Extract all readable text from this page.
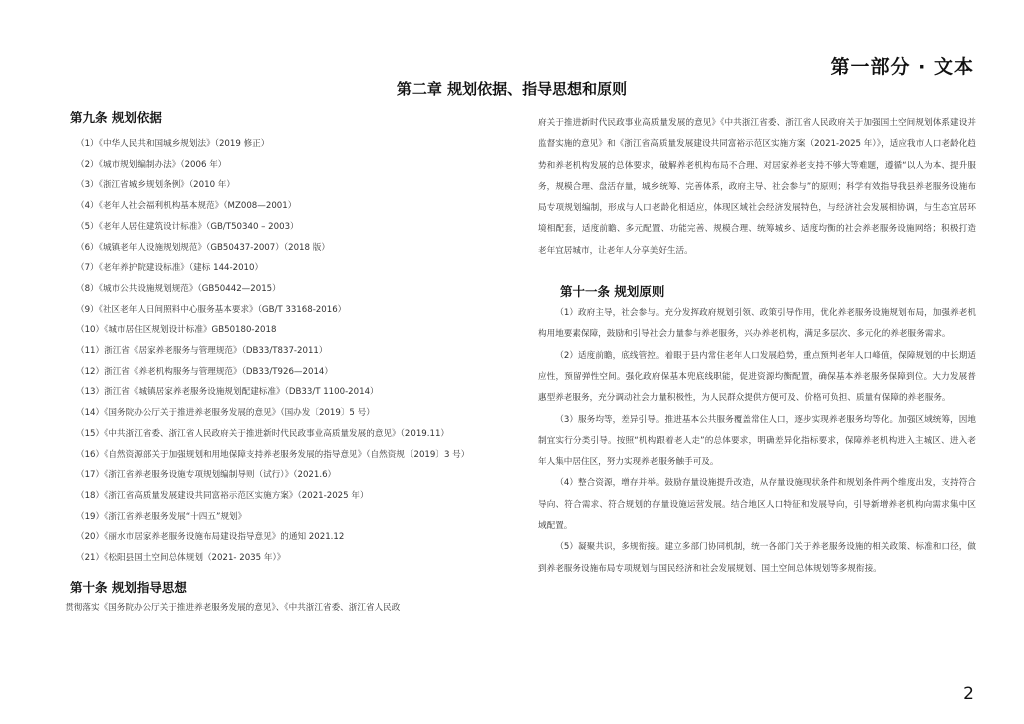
第一部分 · 文本
第二章 规划依据、指导思想和原则
第九条 规划依据
（1）《中华人民共和国城乡规划法》（2019 修正）
（2）《城市规划编制办法》（2006 年）
（3）《浙江省城乡规划条例》（2010 年）
（4）《老年人社会福利机构基本规范》（MZ008—2001）
（5）《老年人居住建筑设计标准》（GB/T50340 – 2003）
（6）《城镇老年人设施规划规范》（GB50437-2007）（2018 版）
（7）《老年养护院建设标准》（建标 144-2010）
（8）《城市公共设施规划规范》（GB50442—2015）
（9）《社区老年人日间照料中心服务基本要求》（GB/T 33168-2016）
（10）《城市居住区规划设计标准》GB50180-2018
（11）浙江省《居家养老服务与管理规范》（DB33/T837-2011）
（12）浙江省《养老机构服务与管理规范》（DB33/T926—2014）
（13）浙江省《城镇居家养老服务设施规划配建标准》（DB33/T 1100-2014）
（14）《国务院办公厅关于推进养老服务发展的意见》（国办发〔2019〕5 号）
（15）《中共浙江省委、浙江省人民政府关于推进新时代民政事业高质量发展的意见》（2019.11）
（16）《自然资源部关于加强规划和用地保障支持养老服务发展的指导意见》（自然资规〔2019〕3 号）
（17）《浙江省养老服务设施专项规划编制导则（试行）》（2021.6）
（18）《浙江省高质量发展建设共同富裕示范区实施方案》（2021-2025 年）
（19）《浙江省养老服务发展“十四五”规划》
（20）《丽水市居家养老服务设施布局建设指导意见》的通知 2021.12
（21）《松阳县国土空间总体规划（2021- 2035 年）》
第十条 规划指导思想

贯彻落实《国务院办公厅关于推进养老服务发展的意见》、《中共浙江省委、浙江省人民政

府关于推进新时代民政事业高质量发展的意见》《中共浙江省委、浙江省人民政府关于加强国土空间规划体系建设并监督实施的意见》和《浙江省高质量发展建设共同富裕示范区实施方案（2021-2025 年）》，适应我市人口老龄化趋势和养老机构发展的总体要求，破解养老机构布局不合理、对居家养老支持不够大等难题，遵循“以人为本、提升服务，规模合理、盘活存量，城乡统筹、完善体系，政府主导、社会参与”的原则；科学有效指导我县养老服务设施布局专项规划编制，形成与人口老龄化相适应，体现区域社会经济发展特色，与经济社会发展相协调，与生态宜居环境相配套，适度前瞻、多元配置、功能完善、规模合理、统筹城乡、适度均衡的社会养老服务设施网络；积极打造老年宜居城市，让老年人分享美好生活。

第十一条 规划原则

（1）政府主导，社会参与。充分发挥政府规划引领、政策引导作用，优化养老服务设施规划布局，加强养老机构用地要素保障，鼓励和引导社会力量参与养老服务，兴办养老机构，满足多层次、多元化的养老服务需求。

（2）适度前瞻，底线管控。着眼于县内常住老年人口发展趋势，重点预判老年人口峰值，保障规划的中长期适应性，预留弹性空间。强化政府保基本兜底线职能，促进资源均衡配置，确保基本养老服务保障到位。大力发展普惠型养老服务，充分调动社会力量积极性，为人民群众提供方便可及、价格可负担、质量有保障的养老服务。

（3）服务均等，差异引导。推进基本公共服务覆盖常住人口，逐步实现养老服务均等化。加强区域统筹，因地制宜实行分类引导。按照“机构跟着老人走”的总体要求，明确差异化指标要求，保障养老机构进入主城区、进入老年人集中居住区，努力实现养老服务触手可及。

（4）整合资源，增存并举。鼓励存量设施提升改造，从存量设施现状条件和规划条件两个维度出发，支持符合导向、符合需求、符合规划的存量设施运营发展。结合地区人口特征和发展导向，引导新增养老机构向需求集中区域配置。

（5）凝聚共识，多规衔接。建立多部门协同机制，统一各部门关于养老服务设施的相关政策、标准和口径，做到养老服务设施布局专项规划与国民经济和社会发展规划、国土空间总体规划等多规衔接。

2
